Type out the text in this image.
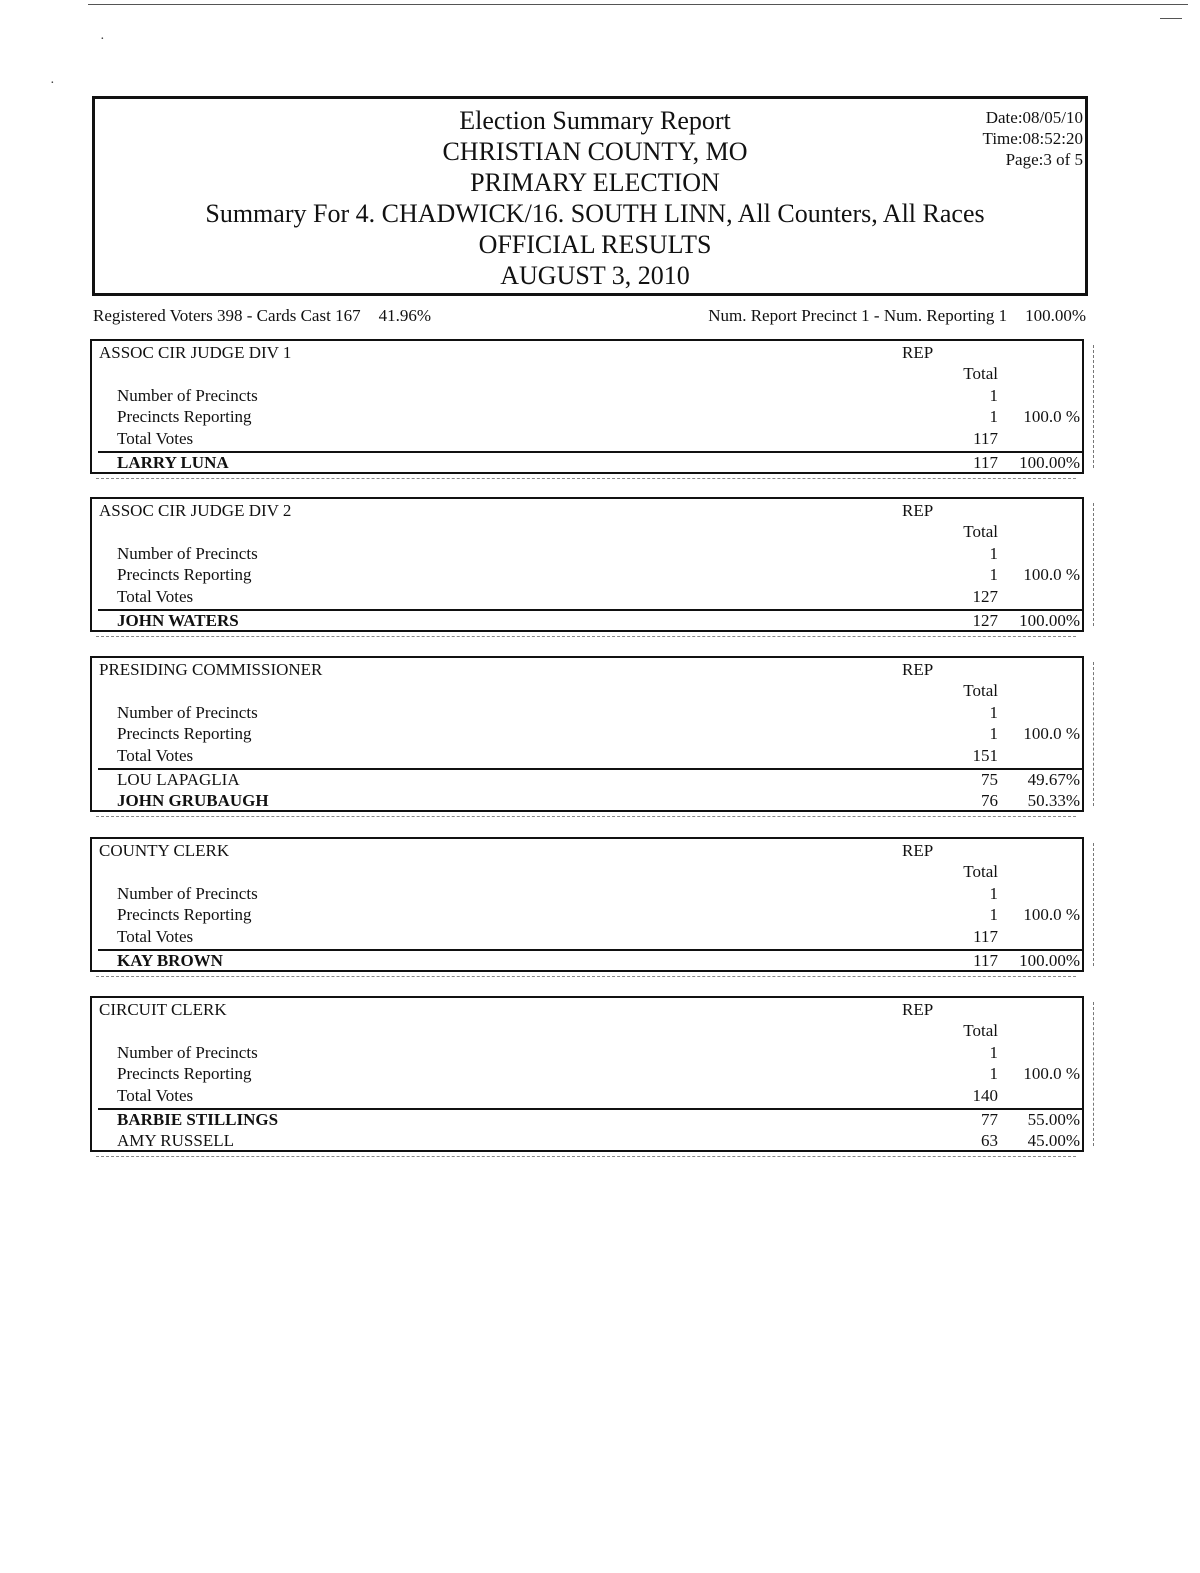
·
·
Election Summary Report
CHRISTIAN COUNTY, MO
PRIMARY ELECTION
Summary For 4. CHADWICK/16. SOUTH LINN, All Counters, All Races
OFFICIAL RESULTS
AUGUST 3, 2010
Date:08/05/10
Time:08:52:20
Page:3 of 5
Registered Voters 398 - Cards Cast 167 41.96%	Num. Report Precinct 1 - Num. Reporting 1 100.00%
ASSOC CIR JUDGE DIV 1	REP
Total
Number of Precincts	1
Precincts Reporting	1	100.0 %
Total Votes	117
LARRY LUNA	117	100.00%
ASSOC CIR JUDGE DIV 2	REP
Total
Number of Precincts	1
Precincts Reporting	1	100.0 %
Total Votes	127
JOHN WATERS	127	100.00%
PRESIDING COMMISSIONER	REP
Total
Number of Precincts	1
Precincts Reporting	1	100.0 %
Total Votes	151
LOU LAPAGLIA	75	49.67%
JOHN GRUBAUGH	76	50.33%
COUNTY CLERK	REP
Total
Number of Precincts	1
Precincts Reporting	1	100.0 %
Total Votes	117
KAY BROWN	117	100.00%
CIRCUIT CLERK	REP
Total
Number of Precincts	1
Precincts Reporting	1	100.0 %
Total Votes	140
BARBIE STILLINGS	77	55.00%
AMY RUSSELL	63	45.00%
